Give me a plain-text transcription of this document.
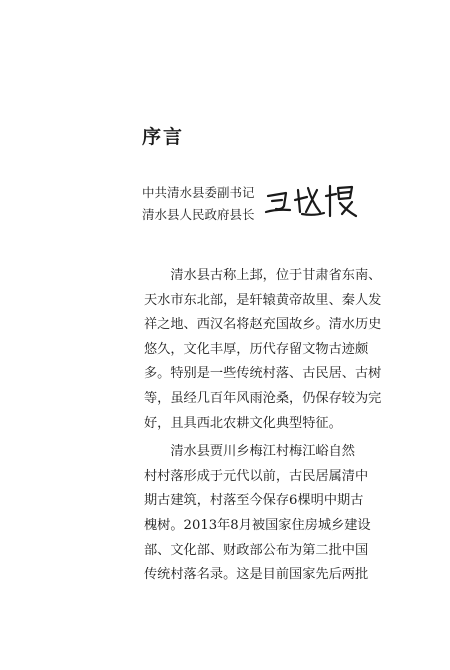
序言
中共清水县委副书记
清水县人民政府县长

　　清水县古称上邽，位于甘肃省东南、
天水市东北部，是轩辕黄帝故里、秦人发
祥之地、西汉名将赵充国故乡。清水历史
悠久，文化丰厚，历代存留文物古迹颇
多。特别是一些传统村落、古民居、古树
等，虽经几百年风雨沧桑，仍保存较为完
好，且具西北农耕文化典型特征。

　　清水县贾川乡梅江村梅江峪自然
村村落形成于元代以前，古民居属清中
期古建筑，村落至今保存6棵明中期古
槐树。2013年8月被国家住房城乡建设
部、文化部、财政部公布为第二批中国
传统村落名录。这是目前国家先后两批
